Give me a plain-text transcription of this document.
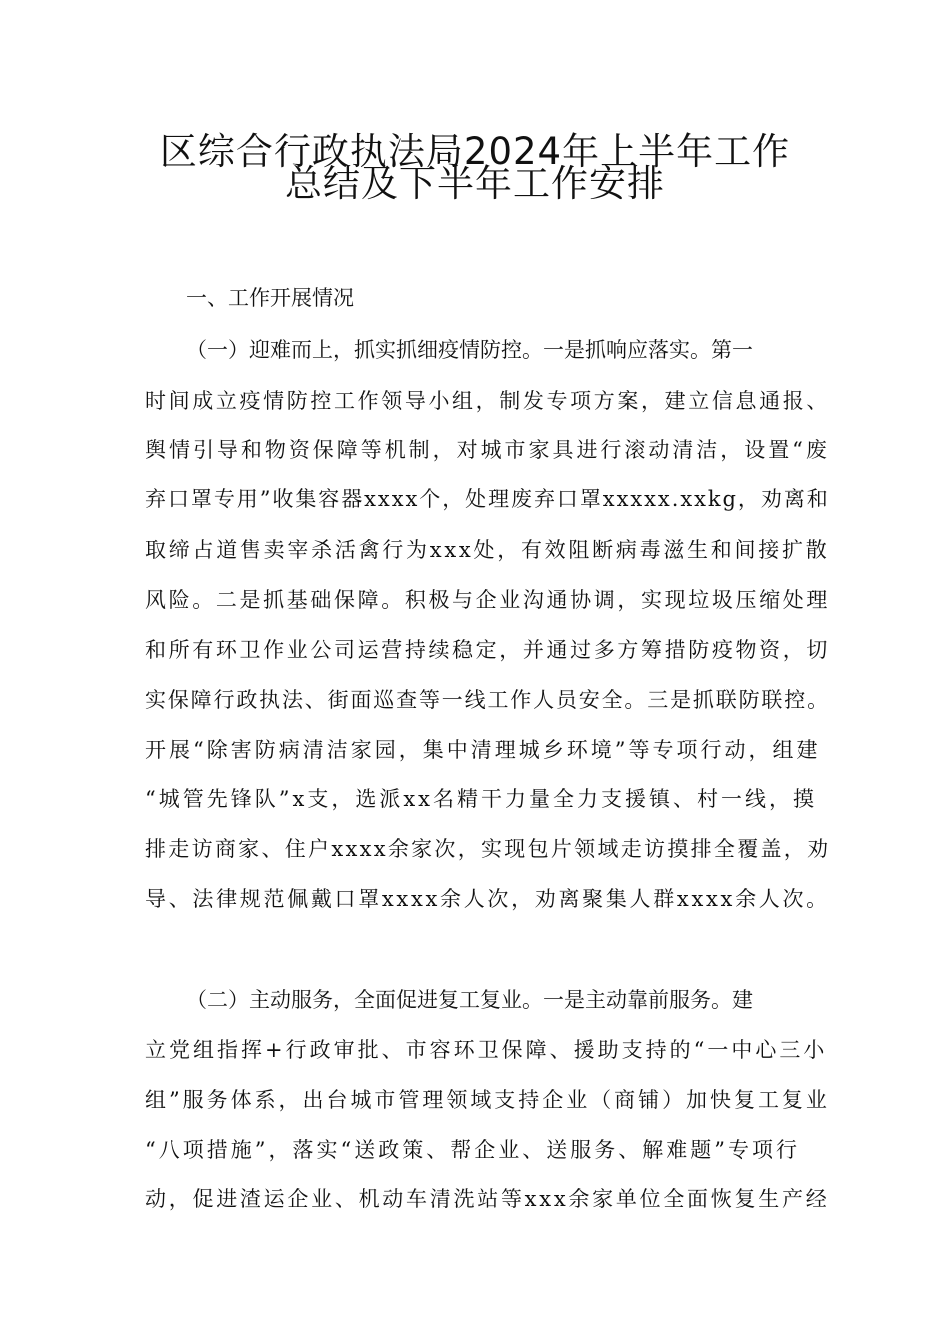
区综合行政执法局2024年上半年工作
总结及下半年工作安排
一、工作开展情况
（一）迎难而上，抓实抓细疫情防控。一是抓响应落实。第一
时间成立疫情防控工作领导小组，制发专项方案，建立信息通报、
舆情引导和物资保障等机制，对城市家具进行滚动清洁，设置“废
弃口罩专用”收集容器xxxx个，处理废弃口罩xxxxx.xxkg，劝离和
取缔占道售卖宰杀活禽行为xxx处，有效阻断病毒滋生和间接扩散
风险。二是抓基础保障。积极与企业沟通协调，实现垃圾压缩处理
和所有环卫作业公司运营持续稳定，并通过多方筹措防疫物资，切
实保障行政执法、街面巡查等一线工作人员安全。三是抓联防联控。
开展“除害防病清洁家园，集中清理城乡环境”等专项行动，组建
“城管先锋队”x支，选派xx名精干力量全力支援镇、村一线，摸
排走访商家、住户xxxx余家次，实现包片领域走访摸排全覆盖，劝
导、法律规范佩戴口罩xxxx余人次，劝离聚集人群xxxx余人次。
（二）主动服务，全面促进复工复业。一是主动靠前服务。建
立党组指挥+行政审批、市容环卫保障、援助支持的“一中心三小
组”服务体系，出台城市管理领域支持企业（商铺）加快复工复业
“八项措施”，落实“送政策、帮企业、送服务、解难题”专项行
动，促进渣运企业、机动车清洗站等xxx余家单位全面恢复生产经
